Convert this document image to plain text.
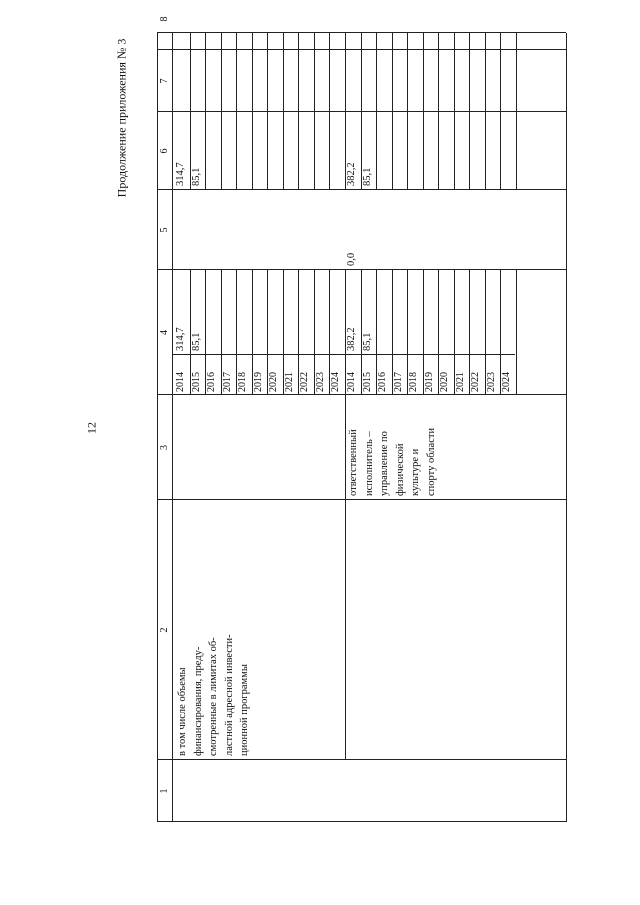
12
Продолжение приложения № 3
1
2
3
4
5
6
7
8
в том числе объемы
финансирования, преду-
смотренные в лимитах об-
ластной адресной инвести-
ционной программы
ответственный
исполнитель –
управление по
физической
культуре и
спорту области
2014 2015 2016 2017 2018 2019 2020 2021 2022 2023 2024 2014 2015 2016 2017 2018 2019 2020 2021 2022 2023 2024
314,7 85,1
314,7 85,1
382,2 85,1
0,0
382,2 85,1
